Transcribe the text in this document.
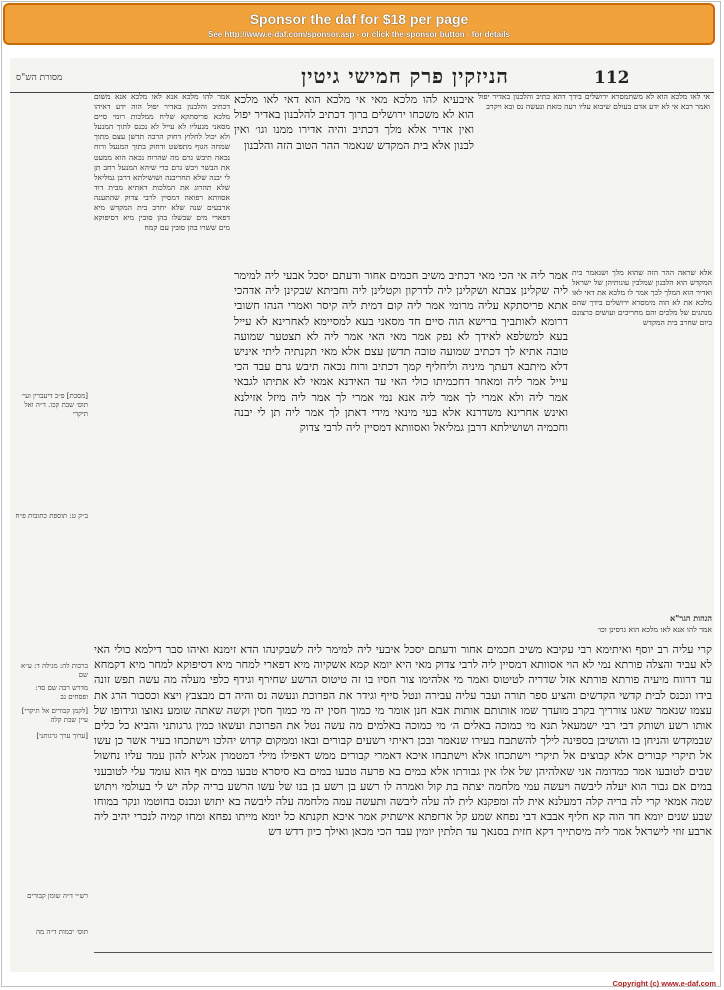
Sponsor the daf for $18 per page
See http://www.e-daf.com/sponsor.asp - or click the sponsor button - for details
112
הניזקין פרק חמישי גיטין
מסורת הש"ס

איבעיא להו מלכא מאי אי מלכא הוא דאי לאו מלכא הוא לא משכחו ירושלים ברוך דכתיב להלבנון באדיר יפול ואין אדיר אלא מלך דכתיב והיה אדירו ממנו וגו׳ ואין לבנון אלא בית המקדש שנאמר ההר הטוב הזה והלבנון

אי לאו מלכא הוא לא משתמסרא ירושלים בידך דהא כתיב והלבנון באדיר יפול ואמר רבא אי לא ידע אדם בעולם שיבוא עליו רעה כזאת ונעשה נס ובא ויקרב

אלא שראה ההר הזה שהוא מלך ושנאמר בית המקדש הוא הלבנון שמלבין עונותיהן של ישראל ואדיר הוא המלך לכך אמר לו מלכא את דאי לאו מלכא את לא הוה מימסרא ירושלים בידך שהם מנהגים של מלכים והם מחריבים ועושים כרצונם ביום שחרב בית המקדש

אמר להו מלכא אנא לאו מלכא אנא משום דכתיב והלבנון באדיר יפול הוה ידע דאיהו מלכא פריסתקא שליח ממלכות רומי סיים מסאני מנעליו לא עייל לא נכנס לתוך המנעל ולא יכול לחלוץ דחוק הרבה תדשן עצם מתוך שמחה הגוף מתפשט ודחוק בתוך המנעל ורוח נכאה תיבש גרם מה שהרוח נכאה הוא ממעט את הבשר ויבש גרם כדי שיהא המנעל רחב תן לי יבנה שלא תחריבנה ושושילתא דרבן גמליאל שלא תהרוג את המלכות דאתיא מבית דוד אסוותא רפואה דמסיין לרבי צדוק שהתענה ארבעים שנה שלא יחרב בית המקדש מיא דפארי מים שבשלו בהן סובין מיא דסיפוקא מים ששרו בהן סובין עם קמח

אמר ליה אי הכי מאי דכתיב משיב חכמים אחור ודעתם יסכל אבעי ליה למימר ליה שקלינן צבתא ושקלינן ליה לדרקון וקטלינן ליה וחביתא שבקינן ליה אדהכי אתא פריסתקא עליה מרומי אמר ליה קום דמית ליה קיסר ואמרי הנהו חשובי דרומא לאותביך ברישא הוה סיים חד מסאני בעא למסיימא לאחרינא לא עייל בעא למשלפא לאידך לא נפק אמר מאי האי אמר ליה לא תצטער שמועה טובה אתיא לך דכתיב שמועה טובה תדשן עצם אלא מאי תקנתיה ליתי איניש דלא מיתבא דעתך מיניה וליחליף קמך דכתיב ורוח נכאה תיבש גרם עבד הכי עייל אמר ליה ומאחר דחכמיתו כולי האי עד האידנא אמאי לא אתיתו לגבאי אמר ליה ולא אמרי לך אמר ליה אנא נמי אמרי לך אמר ליה מיזל אזילנא ואינש אחרינא משדרנא אלא בעי מינאי מידי דאתן לך אמר ליה תן לי יבנה וחכמיה ושושילתא דרבן גמליאל ואסוותא דמסיין ליה לרבי צדוק

הגהות הגר"א

אמר להו אנא לאו מלכא הוא גרסינן וכו׳

קרי עליה רב יוסף ואיתימא רבי עקיבא משיב חכמים אחור ודעתם יסכל איבעי ליה למימר ליה לשבקינהו הדא זימנא ואיהו סבר דילמא כולי האי לא עביד והצלה פורתא נמי לא הוי אסוותא דמסיין ליה לרבי צדוק מאי היא יומא קמא אשקיוה מיא דפארי למחר מיא דסיפוקא למחר מיא דקמחא עד דרווח מיעיה פורתא פורתא אזל שדריה לטיטוס ואמר מי אלהימו צור חסיו בו זה טיטוס הרשע שחירף וגידף כלפי מעלה מה עשה תפש זונה בידו ונכנס לבית קדשי הקדשים והציע ספר תורה ועבר עליה עבירה ונטל סייף וגידר את הפרוכת ונעשה נס והיה דם מבצבץ ויצא וכסבור הרג את עצמו שנאמר שאגו צורריך בקרב מועדך שמו אותותם אותות אבא חנן אומר מי כמוך חסין יה מי כמוך חסין וקשה שאתה שומע נאוצו וגידופו של אותו רשע ושותק דבי רבי ישמעאל תנא מי כמוכה באלים ה׳ מי כמוכה באלמים מה עשה נטל את הפרוכת ועשאו כמין גרגותני והביא כל כלים שבמקדש והניחן בו והושיבן בספינה לילך להשתבח בעירו שנאמר ובכן ראיתי רשעים קבורים ובאו וממקום קדוש יהלכו וישתכחו בעיר אשר כן עשו אל תיקרי קבורים אלא קבוצים אל תיקרי וישתכחו אלא וישתבחו איכא דאמרי קבורים ממש דאפילו מילי דמטמרן אגליא להון עמד עליו נחשול שבים לטובעו אמר כמדומה אני שאלהיהן של אלו אין גבורתו אלא במים בא פרעה טבעו במים בא סיסרא טבעו במים אף הוא עומד עלי לטובעני במים אם גבור הוא יעלה ליבשה ויעשה עמי מלחמה יצתה בת קול ואמרה לו רשע בן רשע בן בנו של עשו הרשע בריה קלה יש לי בעולמי ויתוש שמה אמאי קרי לה בריה קלה דמעלנא אית לה ומפקנא לית לה עלה ליבשה ותעשה עמה מלחמה עלה ליבשה בא יתוש ונכנס בחוטמו ונקר במוחו שבע שנים יומא חד הוה קא חליף אבבא דבי נפחא שמע קל ארזפתא אישתיק אמר איכא תקנתא כל יומא מייתו נפחא ומחו קמיה לנכרי יהיב ליה ארבע זוזי לישראל אמר ליה מיסתייך דקא חזית בסנאך עד תלתין יומין עבד הכי מכאן ואילך כיון דדש דש

[מסכת] פ״ב דיעברין ועי׳ תוס׳ שבת קכו. ד״ה ואל תיקרי
ב״ק ט: תוספת כתובות פ״ח
ברכות לה: מגילה ד: ע״א שם
מדרש רבה שם סד: ופסחים נב
[לקמן קבורים אל תיקרי] עיין שבת קלה
[ערוך ערך גרגותני]
רש״י ד״ה שומן קבורים
תוס׳ יבמות ד״ה מה
Copyright (c) www.e-daf.com
